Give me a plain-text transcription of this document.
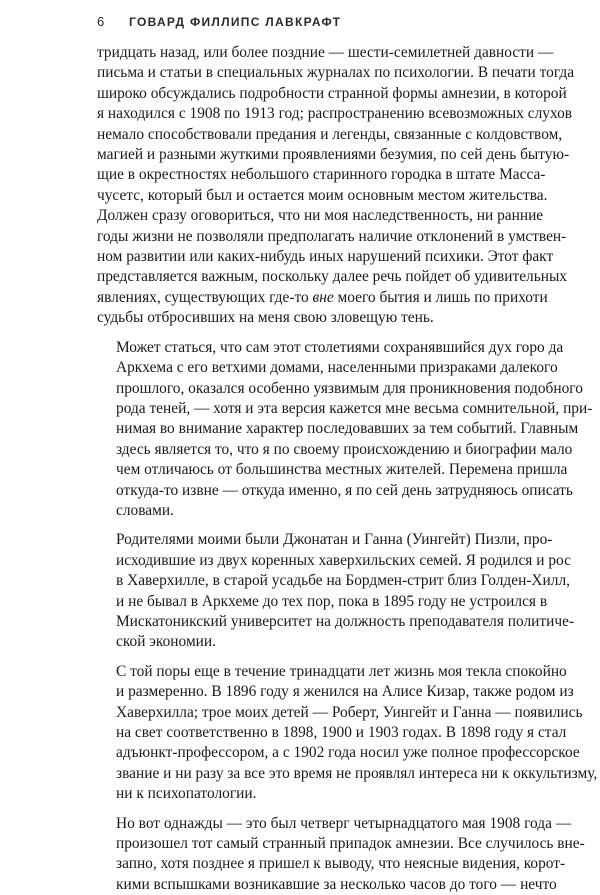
6	ГОВАРД ФИЛЛИПС ЛАВКРАФТ

тридцать назад, или более поздние — шести-семилетней давности —
письма и статьи в специальных журналах по психологии. В печати тогда
широко обсуждались подробности странной формы амнезии, в которой
я находился с 1908 по 1913 год; распространению всевозможных слухов
немало способствовали предания и легенды, связанные с колдовством,
магией и разными жуткими проявлениями безумия, по сей день бытую-
щие в окрестностях небольшого старинного городка в штате Масса-
чусетс, который был и остается моим основным местом жительства.
Должен сразу оговориться, что ни моя наследственность, ни ранние
годы жизни не позволяли предполагать наличие отклонений в умствен-
ном развитии или каких-нибудь иных нарушений психики. Этот факт
представляется важным, поскольку далее речь пойдет об удивительных
явлениях, существующих где-то вне моего бытия и лишь по прихоти
судьбы отбросивших на меня свою зловещую тень.

Может статься, что сам этот столетиями сохранявшийся дух горо да
Аркхема с его ветхими домами, населенными призраками далекого
прошлого, оказался особенно уязвимым для проникновения подобного
рода теней, — хотя и эта версия кажется мне весьма сомнительной, при-
нимая во внимание характер последовавших за тем событий. Главным
здесь является то, что я по своему происхождению и биографии мало
чем отличаюсь от большинства местных жителей. Перемена пришла
откуда-то извне — откуда именно, я по сей день затрудняюсь описать
словами.

Родителями моими были Джонатан и Ганна (Уингейт) Пизли, про-
исходившие из двух коренных хаверхильских семей. Я родился и рос
в Хаверхилле, в старой усадьбе на Бордмен-стрит близ Голден-Хилл,
и не бывал в Аркхеме до тех пор, пока в 1895 году не устроился в
Мискатоникский университет на должность преподавателя политиче-
ской экономии.

С той поры еще в течение тринадцати лет жизнь моя текла спокойно
и размеренно. В 1896 году я женился на Алисе Кизар, также родом из
Хаверхилла; трое моих детей — Роберт, Уингейт и Ганна — появились
на свет соответственно в 1898, 1900 и 1903 годах. В 1898 году я стал
адъюнкт-профессором, а с 1902 года носил уже полное профессорское
звание и ни разу за все это время не проявлял интереса ни к оккультизму,
ни к психопатологии.

Но вот однажды — это был четверг четырнадцатого мая 1908 года —
произошел тот самый странный припадок амнезии. Все случилось вне-
запно, хотя позднее я пришел к выводу, что неясные видения, корот-
кими вспышками возникавшие за несколько часов до того — нечто
